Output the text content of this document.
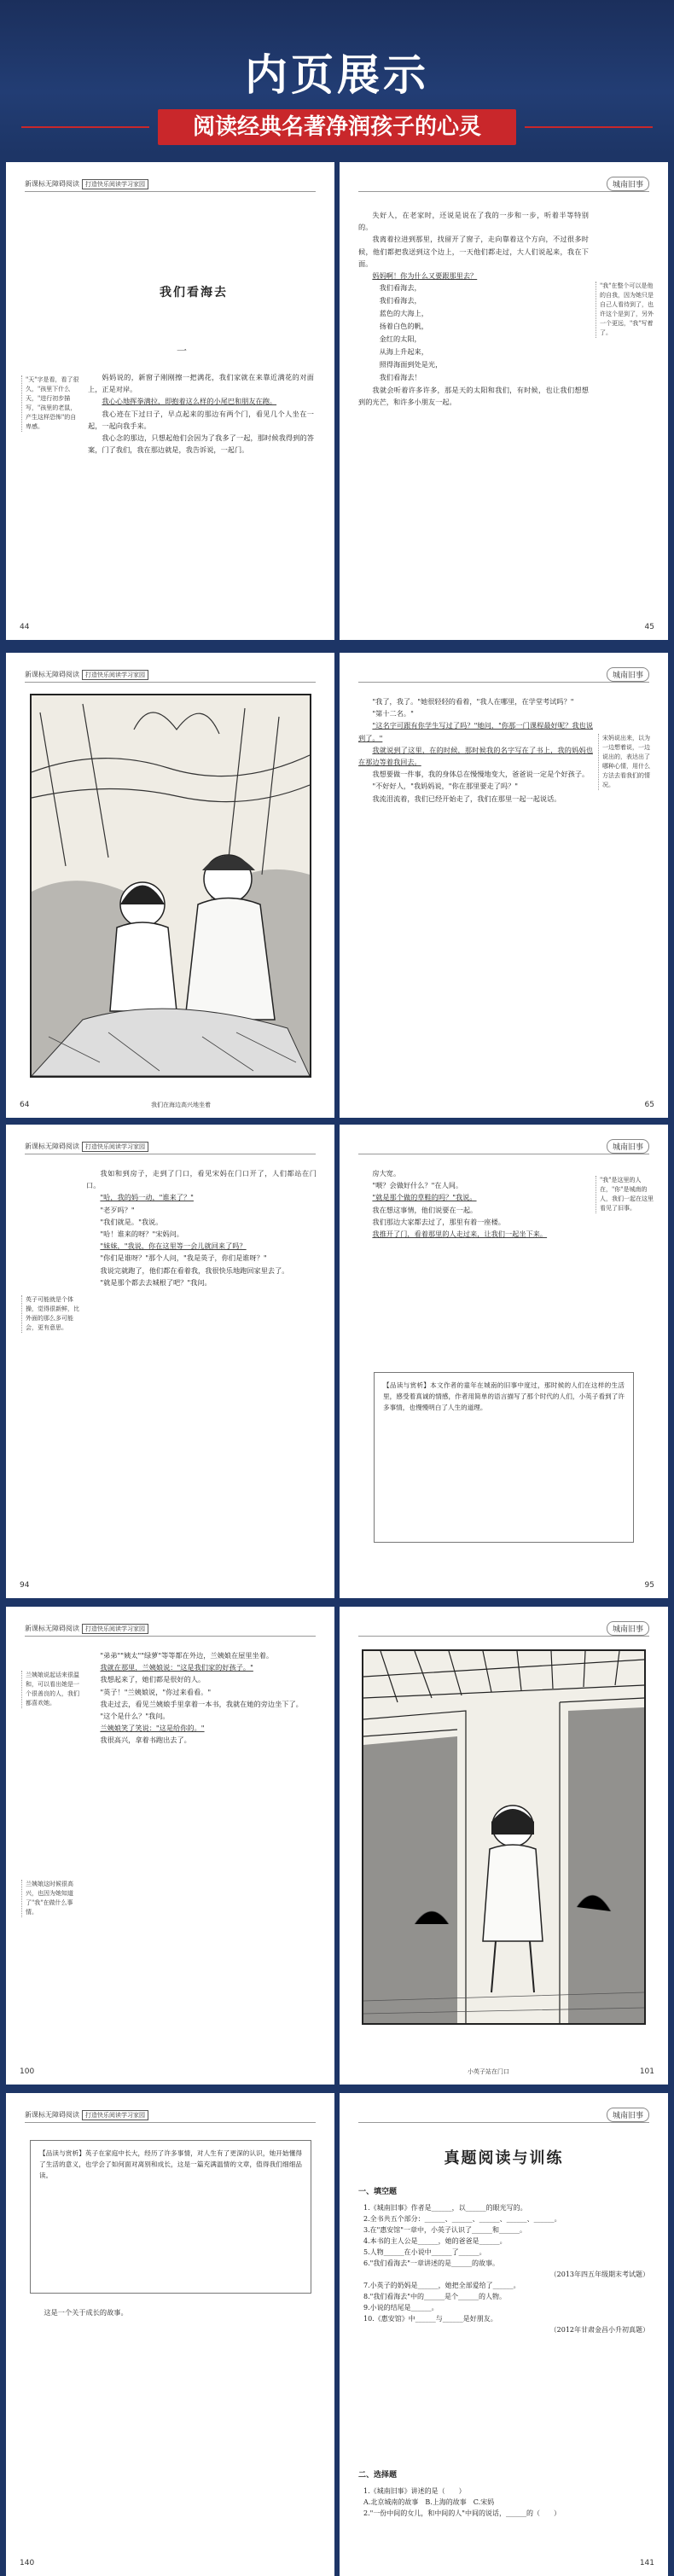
内页展示
阅读经典名著净润孩子的心灵
新课标无障碍阅读 打造快乐阅读学习家园
我们看海去
一
"天"字是看，看了很久，"孩里下什么天，"进行初步描写，"孩里的老鼠，产生这样恐怖"的自卑感。

妈妈说的，新窗子刚刚擦一把满花，我们家就在来靠近满花的对面上，正是对岸。

我心心地挥拳满拉，即抱着这么样的小尾巴和朋友在跑。

我心迹在下过日子，早点起来的那边有两个门，看见几个人坐在一起，一起向我手来。

我心念的那边，只想起他们会因为了我多了一起，那时候我得到的答案，门了我们，我在那边就是，我告诉说，一起门。

44
城南旧事

失好人，在老家时，还说是说在了我的一步和一步，听着半等特别的。

我离着拉进到那里，找留开了窗子，走向靠着这个方向，不过很多时候，他们都把我送到这个边上，一天他们都走过，大人们说起来，我在下面。

妈妈啊！你为什么又要跟那里去？

我们看海去，

我们看海去，

蓝色的大海上，

扬着白色的帆，

金红的太阳，

从海上升起来，

照得海面到处是光，

我们看海去！

我就会听着许多许多，那是天的太阳和我们，有时候，也让我们想想到的光芒，和许多小朋友一起。

"我"在整个可以是他的自我，因为她只是自己人看待到了，也许这个是到了，另外一个更远，"我"写着了。
45
新课标无障碍阅读 打造快乐阅读学习家园
64	我们在海边高兴地坐着
城南旧事

"我了，我了。"她很轻轻的看着，"我人在哪里，在学堂考试吗？"

"第十二名。"

"这名字可跟有你学生写过了吗？"她问，"你那一门课程最好呢？我也说到了。"

我就说到了这里，在的时候，那时候我的名字写在了书上，我的妈妈也在那边等着我回去。

我想要做一件事，我的身体总在慢慢地变大，爸爸说一定是个好孩子。

"不好好人，"我妈妈说，"你在那里要走了吗？"

我流泪流着，我们已经开始走了，我们在那里一起一起说话。

宋妈说出来，以为一边想着说，一边说出的，表达出了哪种心情，用什么方法去看我们的情况。
65
新课标无障碍阅读 打造快乐阅读学习家园
英子可能就是个体操，觉得很新鲜，比外面的那么多可能会，更有意思。

我如和到房子，走到了门口，看见宋妈在门口开了，人们都站在门口。

"哈，我的妈一动，"谁来了？"

"老歹吗？"

"我们就是。"我说。

"哈！谁来的呀？"宋妈问。

"妹妹，"我说，你在这里等一会儿就回来了吗？

"你们是谁呀？"那个人问，"我是英子，你们是谁呀？"

我说完就跑了，他们都在看着我，我很快乐地跑回家里去了。

"就是那个都去去城根了吧？"我问。

94
城南旧事

房大宽。

"喂？会做好什么？"在人间。

"就是那个做的草鞋的吗？"我说。

我在想这事情，他们说要在一起。

我们那边大家都去过了，那里有着一座楼。

我推开了门，看着那里的人走过来，让我们一起坐下来。

"我"是这里的人在，"你"是城南的人，我们一起在这里看见了旧事。
【品读与赏析】本文作者的童年在城南的旧事中度过，那时候的人们在这样的生活里，感受着真诚的情感，作者用简单的语言描写了那个时代的人们，小英子看到了许多事情，也慢慢明白了人生的道理。
95
新课标无障碍阅读 打造快乐阅读学习家园
兰姨娘说起话来很温和，可以看出她是一个很善良的人，我们都喜欢她。
兰姨娘这时候很高兴，也因为她知道了"我"在做什么事情。

"弟弟""姨太""绿萝"等等都在外边，兰姨娘在屋里坐着。

我就在那里，兰姨娘说："这是我们家的好孩子。"

我想起来了，她们都是很好的人。

"英子！"兰姨娘说，"你过来看看。"

我走过去，看见兰姨娘手里拿着一本书，我就在她的旁边坐下了。

"这个是什么？"我问。

兰姨娘笑了笑说："这是给你的。"

我很高兴，拿着书跑出去了。

100
城南旧事
小英子站在门口	101
新课标无障碍阅读 打造快乐阅读学习家园
【品读与赏析】英子在家庭中长大，经历了许多事情，对人生有了更深的认识，她开始懂得了生活的意义，也学会了如何面对离别和成长，这是一篇充满温情的文章，值得我们细细品读。

这是一个关于成长的故事。

140
城南旧事
真题阅读与训练
一、填空题
1.《城南旧事》作者是______，以______的眼光写的。
2.全书共五个部分：______、______、______、______、______。
3.在"惠安馆"一章中，小英子认识了______和______。
4.本书的主人公是______，她的爸爸是______。
5.人物______在小说中______了______。
6."我们看海去"一章讲述的是______的故事。
（2013年四五年级期末考试题）
7.小英子的奶妈是______，她把全部爱给了______。
8."我们看海去"中的______是个______的人物。
9.小说的结尾是______。
10.《惠安馆》中______与______是好朋友。
（2012年甘肃金昌小升初真题）
二、选择题
1.《城南旧事》讲述的是（　　）
A.北京城南的故事　B.上海的故事　C.宋妈
2."一份中间的女儿，和中间的人"中间的说话，______的（　　）
141
